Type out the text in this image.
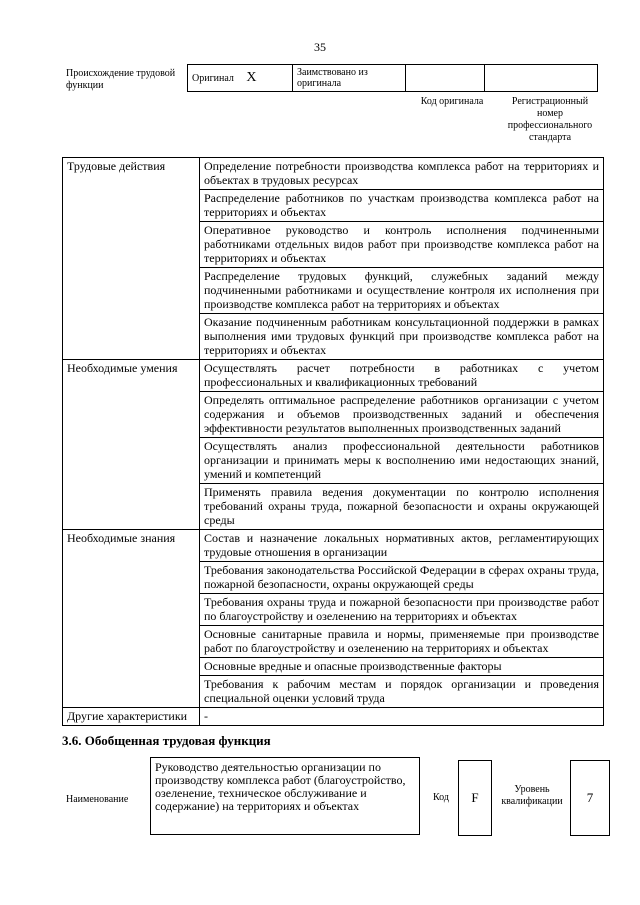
35
Происхождение трудовой функции
Оригинал X	Заимствовано из оригинала		
Код оригинала	Регистрационный номер профессионального стандарта
Трудовые действия	Определение потребности производства комплекса работ на территориях и объектах в трудовых ресурсах
	Распределение работников по участкам производства комплекса работ на территориях и объектах
	Оперативное руководство и контроль исполнения подчиненными работниками отдельных видов работ при производстве комплекса работ на территориях и объектах
	Распределение трудовых функций, служебных заданий между подчиненными работниками и осуществление контроля их исполнения при производстве комплекса работ на территориях и объектах
	Оказание подчиненным работникам консультационной поддержки в рамках выполнения ими трудовых функций при производстве комплекса работ на территориях и объектах
Необходимые умения	Осуществлять расчет потребности в работниках с учетом профессиональных и квалификационных требований
	Определять оптимальное распределение работников организации с учетом содержания и объемов производственных заданий и обеспечения эффективности результатов выполненных производственных заданий
	Осуществлять анализ профессиональной деятельности работников организации и принимать меры к восполнению ими недостающих знаний, умений и компетенций
	Применять правила ведения документации по контролю исполнения требований охраны труда, пожарной безопасности и охраны окружающей среды
Необходимые знания	Состав и назначение локальных нормативных актов, регламентирующих трудовые отношения в организации
	Требования законодательства Российской Федерации в сферах охраны труда, пожарной безопасности, охраны окружающей среды
	Требования охраны труда и пожарной безопасности при производстве работ по благоустройству и озеленению на территориях и объектах
	Основные санитарные правила и нормы, применяемые при производстве работ по благоустройству и озеленению на территориях и объектах
	Основные вредные и опасные производственные факторы
	Требования к рабочим местам и порядок организации и проведения специальной оценки условий труда
Другие характеристики	-
3.6. Обобщенная трудовая функция
Наименование
Руководство деятельностью организации по производству комплекса работ (благоустройство, озеленение, техническое обслуживание и содержание) на территориях и объектах
Код	F
Уровень квалификации	7
